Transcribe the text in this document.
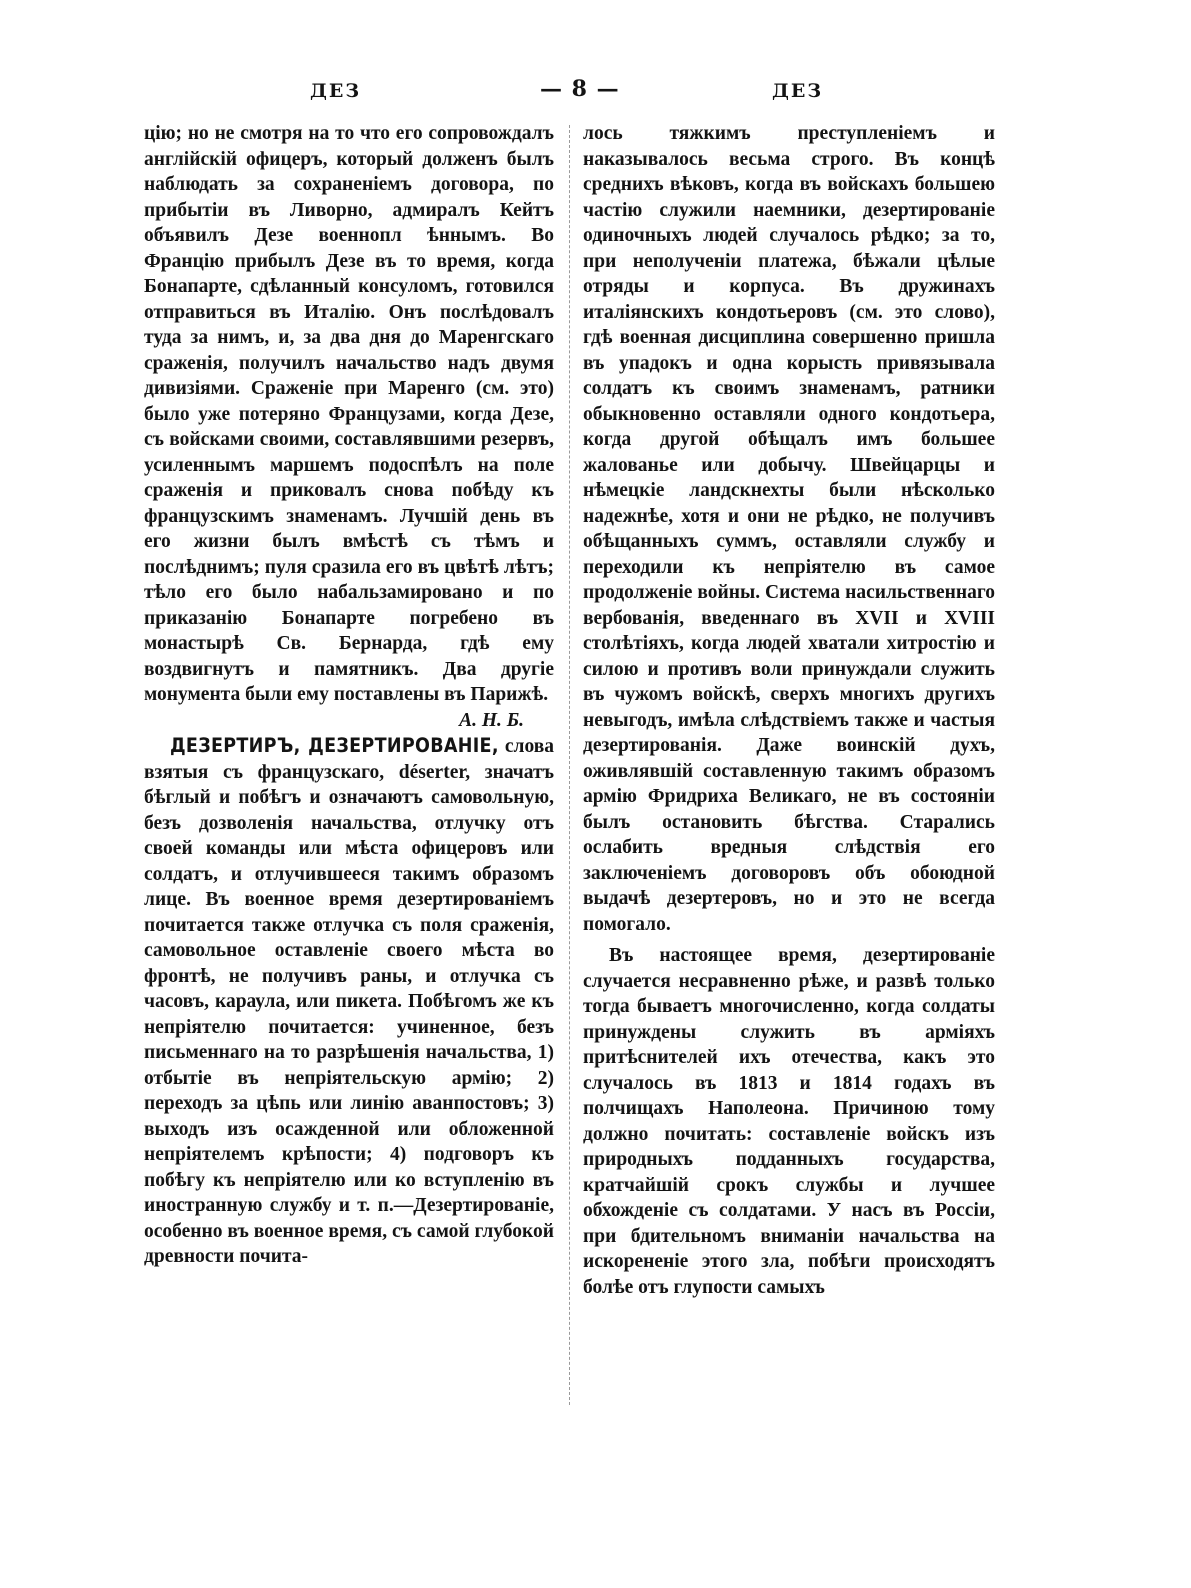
ДЕЗ	— 8 —	ДЕЗ

цію; но не смотря на то что его сопровождалъ англійскій офицеръ, который долженъ былъ наблюдать за сохраненіемъ договора, по прибытіи въ Ливорно, адмиралъ Кейтъ объявилъ Дезе военнопл ѣннымъ. Во Францію прибылъ Дезе въ то время, когда Бонапарте, сдѣланный консуломъ, готовился отправиться въ Италію. Онъ послѣдовалъ туда за нимъ, и, за два дня до Маренгскаго сраженія, получилъ начальство надъ двумя дивизіями. Сраженіе при Маренго (см. это) было уже потеряно Французами, когда Дезе, съ войсками своими, составлявшими резервъ, усиленнымъ маршемъ подоспѣлъ на поле сраженія и приковалъ снова побѣду къ французскимъ знаменамъ. Лучшій день въ его жизни былъ вмѣстѣ съ тѣмъ и послѣднимъ; пуля сразила его въ цвѣтѣ лѣтъ; тѣло его было набальзамировано и по приказанію Бонапарте погребено въ монастырѣ Св. Бернарда, гдѣ ему воздвигнутъ и памятникъ. Два другіе монумента были ему поставлены въ Парижѣ.

А. Н. Б.

ДЕЗЕРТИРЪ, ДЕЗЕРТИРОВАНІЕ, слова взятыя съ французскаго, déserter, значатъ бѣглый и побѣгъ и означаютъ самовольную, безъ дозволенія начальства, отлучку отъ своей команды или мѣста офицеровъ или солдатъ, и отлучившееся такимъ образомъ лице. Въ военное время дезертированіемъ почитается также отлучка съ поля сраженія, самовольное оставленіе своего мѣста во фронтѣ, не получивъ раны, и отлучка съ часовъ, караула, или пикета. Побѣгомъ же къ непріятелю почитается: учиненное, безъ письменнаго на то разрѣшенія начальства, 1) отбытіе въ непріятельскую армію; 2) переходъ за цѣпь или линію аванпостовъ; 3) выходъ изъ осажденной или обложенной непріятелемъ крѣпости; 4) подговоръ къ побѣгу къ непріятелю или ко вступленію въ иностранную службу и т. п.—Дезертированіе, особенно въ военное время, съ самой глубокой древности почита-

лось тяжкимъ преступленіемъ и наказывалось весьма строго. Въ концѣ среднихъ вѣковъ, когда въ войскахъ большею частію служили наемники, дезертированіе одиночныхъ людей случалось рѣдко; за то, при неполученіи платежа, бѣжали цѣлые отряды и корпуса. Въ дружинахъ италіянскихъ кондотьеровъ (см. это слово), гдѣ военная дисциплина совершенно пришла въ упадокъ и одна корысть привязывала солдатъ къ своимъ знаменамъ, ратники обыкновенно оставляли одного кондотьера, когда другой обѣщалъ имъ большее жалованье или добычу. Швейцарцы и нѣмецкіе ландскнехты были нѣсколько надежнѣе, хотя и они не рѣдко, не получивъ обѣщанныхъ суммъ, оставляли службу и переходили къ непріятелю въ самое продолженіе войны. Система насильственнаго вербованія, введеннаго въ XVII и XVIII столѣтіяхъ, когда людей хватали хитростію и силою и противъ воли принуждали служить въ чужомъ войскѣ, сверхъ многихъ другихъ невыгодъ, имѣла слѣдствіемъ также и частыя дезертированія. Даже воинскій духъ, оживлявшій составленную такимъ образомъ армію Фридриха Великаго, не въ состояніи былъ остановить бѣгства. Старались ослабить вредныя слѣдствія его заключеніемъ договоровъ объ обоюдной выдачѣ дезертеровъ, но и это не всегда помогало.

Въ настоящее время, дезертированіе случается несравненно рѣже, и развѣ только тогда бываетъ многочисленно, когда солдаты принуждены служить въ арміяхъ притѣснителей ихъ отечества, какъ это случалось въ 1813 и 1814 годахъ въ полчищахъ Наполеона. Причиною тому должно почитать: составленіе войскъ изъ природныхъ подданныхъ государства, кратчайшій срокъ службы и лучшее обхожденіе съ солдатами. У насъ въ Россіи, при бдительномъ вниманіи начальства на искорененіе этого зла, побѣги происходятъ болѣе отъ глупости самыхъ
